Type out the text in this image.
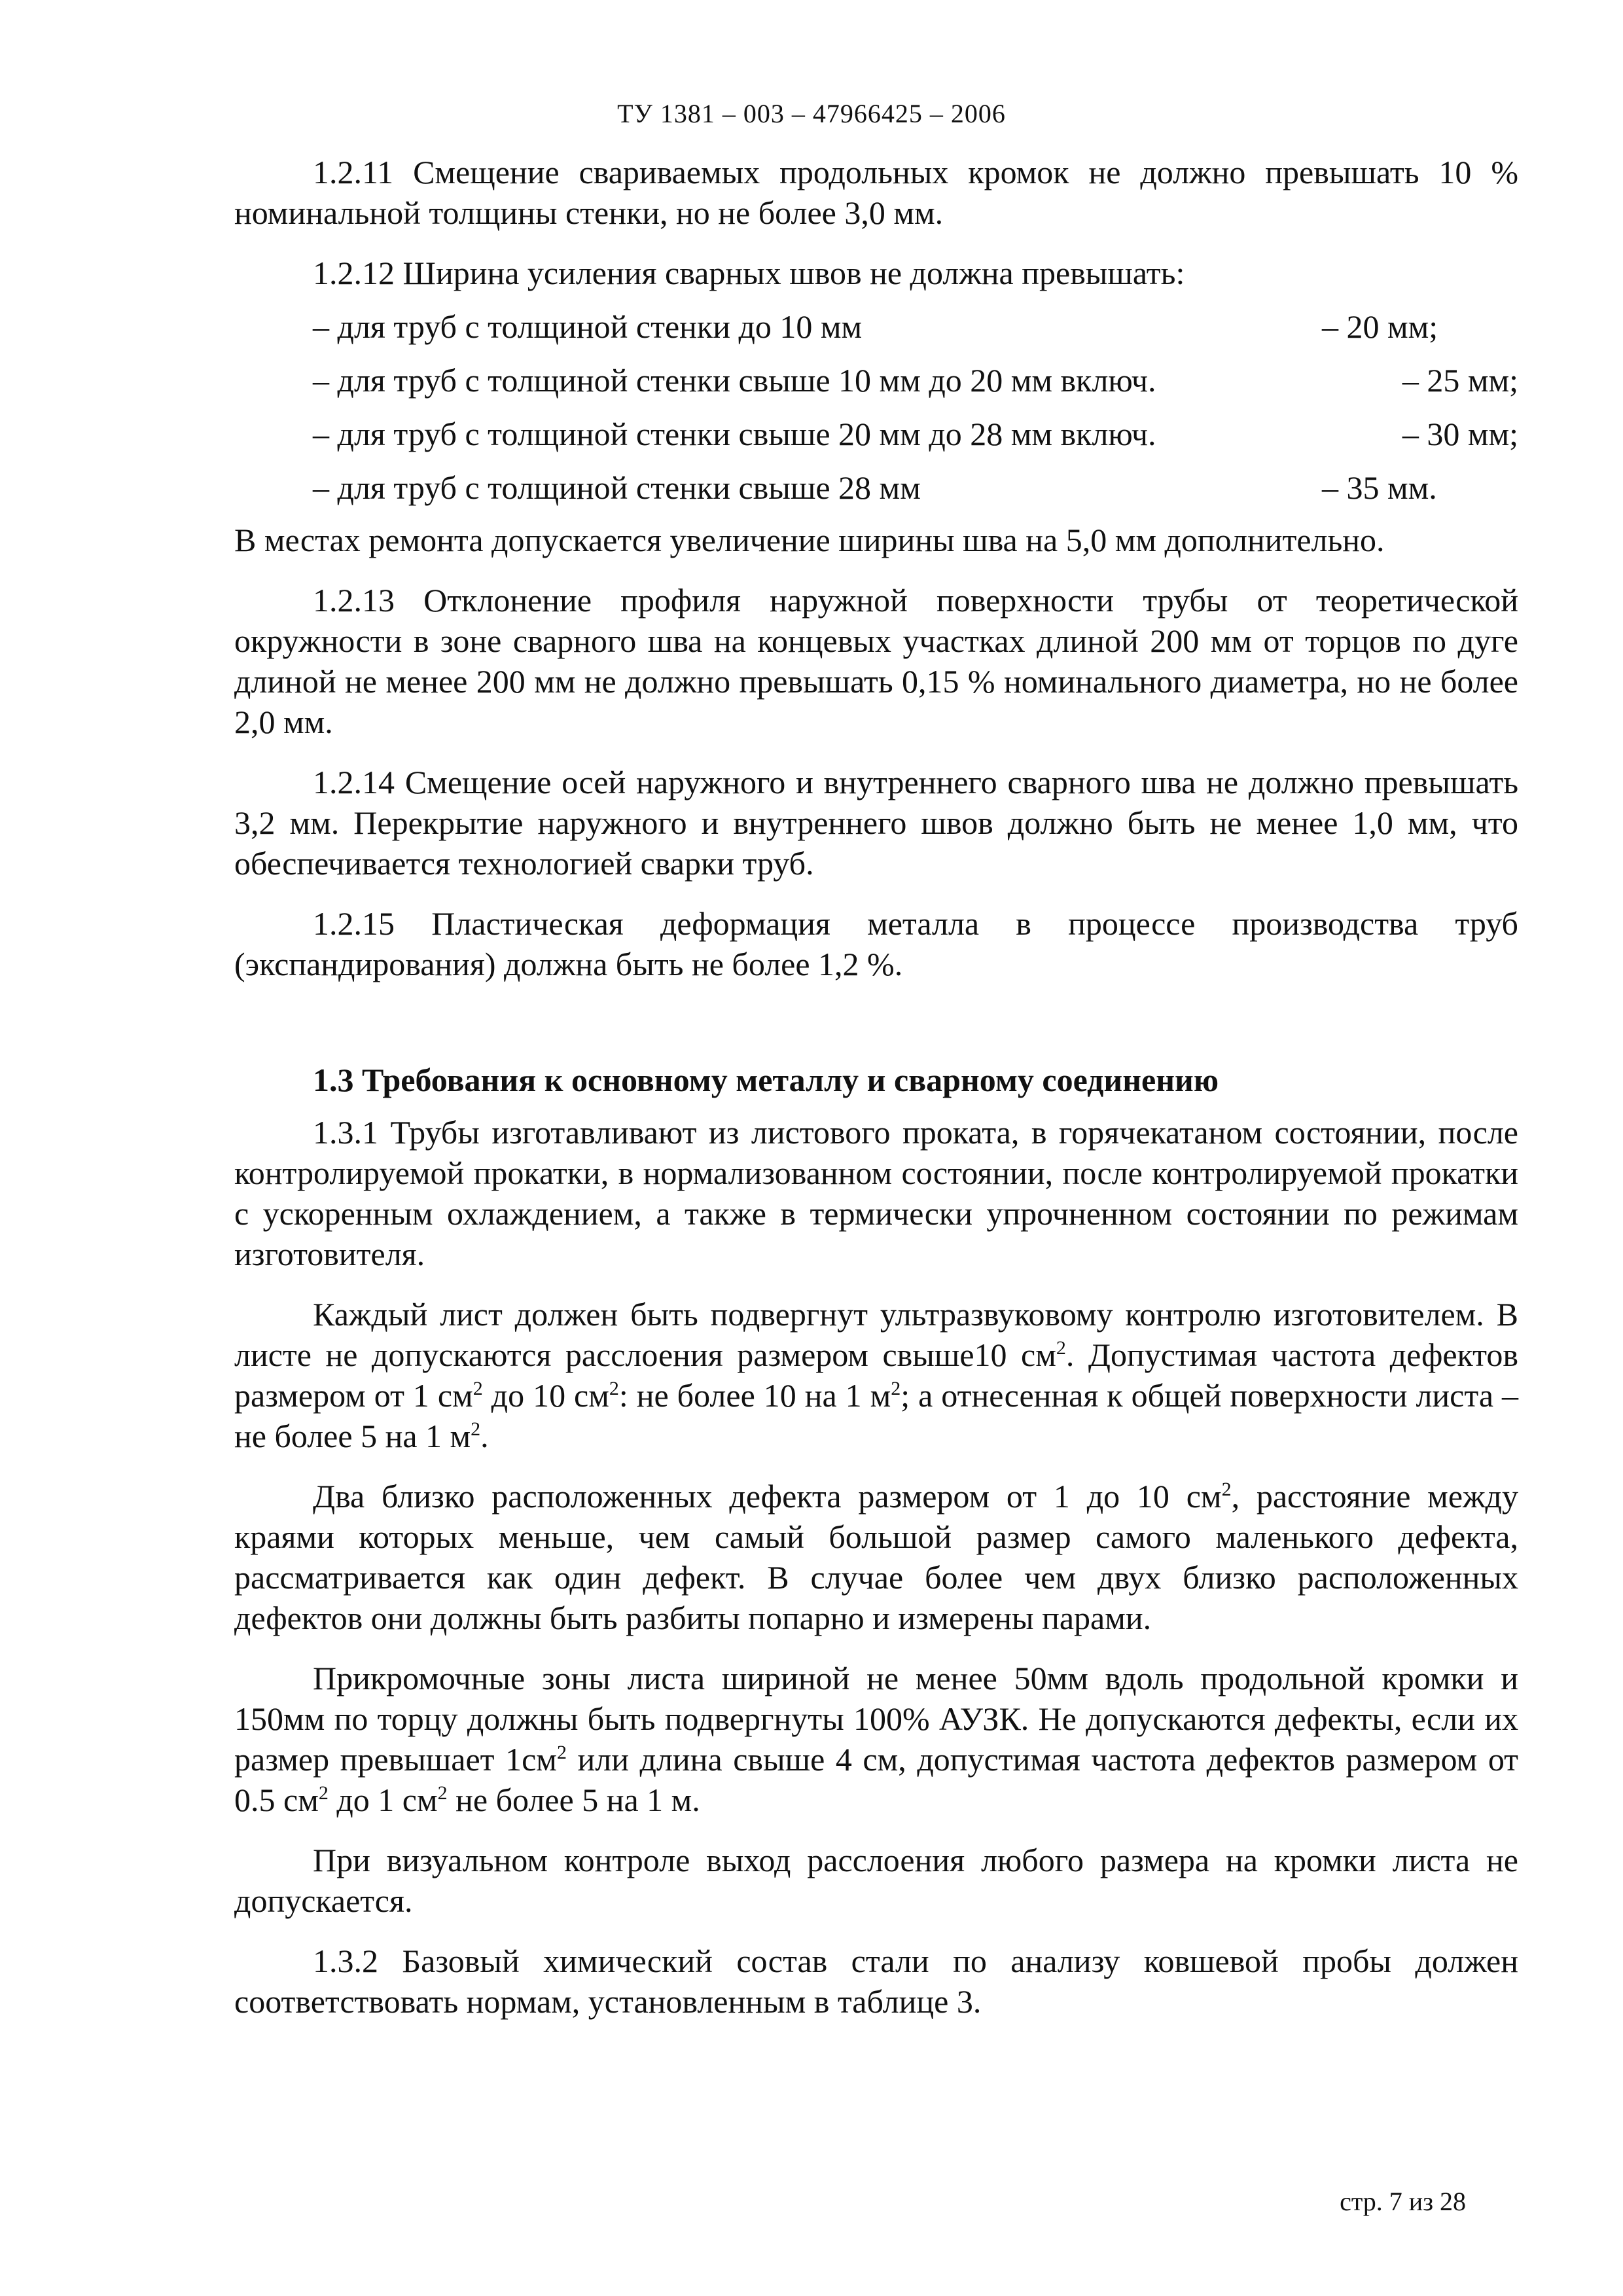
ТУ 1381 – 003 – 47966425 – 2006

1.2.11 Смещение свариваемых продольных кромок не должно превышать 10 % номинальной толщины стенки, но не более 3,0 мм.

1.2.12 Ширина усиления сварных швов не должна превышать:

– для труб с толщиной стенки до 10 мм	– 20 мм;
– для труб с толщиной стенки свыше 10 мм до 20 мм включ.	– 25 мм;
– для труб с толщиной стенки свыше 20 мм до 28 мм включ.	– 30 мм;
– для труб с толщиной стенки свыше 28 мм	– 35 мм.

В местах ремонта допускается увеличение ширины шва на 5,0 мм дополнительно.

1.2.13 Отклонение профиля наружной поверхности трубы от теоретической окружности в зоне сварного шва на концевых участках длиной 200 мм от торцов по дуге длиной не менее 200 мм не должно превышать 0,15 % номинального диаметра, но не более 2,0 мм.

1.2.14 Смещение осей наружного и внутреннего сварного шва не должно превышать 3,2 мм. Перекрытие наружного и внутреннего швов должно быть не менее 1,0 мм, что обеспечивается технологией сварки труб.

1.2.15 Пластическая деформация металла в процессе производства труб (экспандирования) должна быть не более 1,2 %.

1.3 Требования к основному металлу и сварному соединению

1.3.1 Трубы изготавливают из листового проката, в горячекатаном состоянии, после контролируемой прокатки, в нормализованном состоянии, после контролируемой прокатки с ускоренным охлаждением, а также в термически упрочненном состоянии по режимам изготовителя.

Каждый лист должен быть подвергнут ультразвуковому контролю изготовителем. В листе не допускаются расслоения размером свыше10 $см^2$. Допустимая частота дефектов размером от 1 $см^2$ до 10 $см^2$: не более 10 на 1 $м^2$; а отнесенная к общей поверхности листа – не более 5 на 1 $м^2$.

Два близко расположенных дефекта размером от 1 до 10 $см^2$, расстояние между краями которых меньше, чем самый большой размер самого маленького дефекта, рассматривается как один дефект. В случае более чем двух близко расположенных дефектов они должны быть разбиты попарно и измерены парами.

Прикромочные зоны листа шириной не менее 50мм вдоль продольной кромки и 150мм по торцу должны быть подвергнуты 100% АУЗК. Не допускаются дефекты, если их размер превышает $1см^2$ или длина свыше 4 см, допустимая частота дефектов размером от 0.5 $см^2$ до 1 $см^2$ не более 5 на 1 м.

При визуальном контроле выход расслоения любого размера на кромки листа не допускается.

1.3.2 Базовый химический состав стали по анализу ковшевой пробы должен соответствовать нормам, установленным в таблице 3.

стр. 7 из 28
